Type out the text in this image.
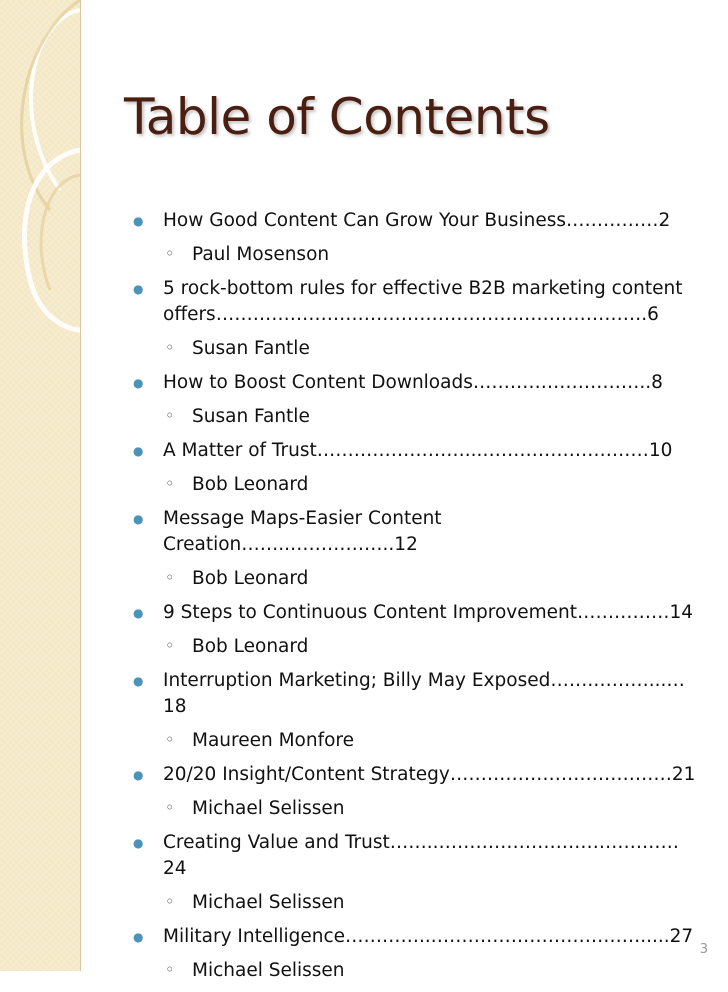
Table of Contents
● How Good Content Can Grow Your Business……………2
◦ Paul Mosenson
● 5 rock-bottom rules for effective B2B marketing content
offers…………………………………………………………….6
◦ Susan Fantle
● How to Boost Content Downloads………………………..8
◦ Susan Fantle
● A Matter of Trust……………………...………………………10
◦ Bob Leonard
● Message Maps-Easier Content Creation……..……………..12
◦ Bob Leonard
● 9 Steps to Continuous Content Improvement……………14
◦ Bob Leonard
● Interruption Marketing; Billy May Exposed…….………...…18
◦ Maureen Monfore
● 20/20 Insight/Content Strategy………………………………21
◦ Michael Selissen
● Creating Value and Trust……..…………………………………24
◦ Michael Selissen
● Military Intelligence…………...…………………………….....27
◦ Michael Selissen
3
